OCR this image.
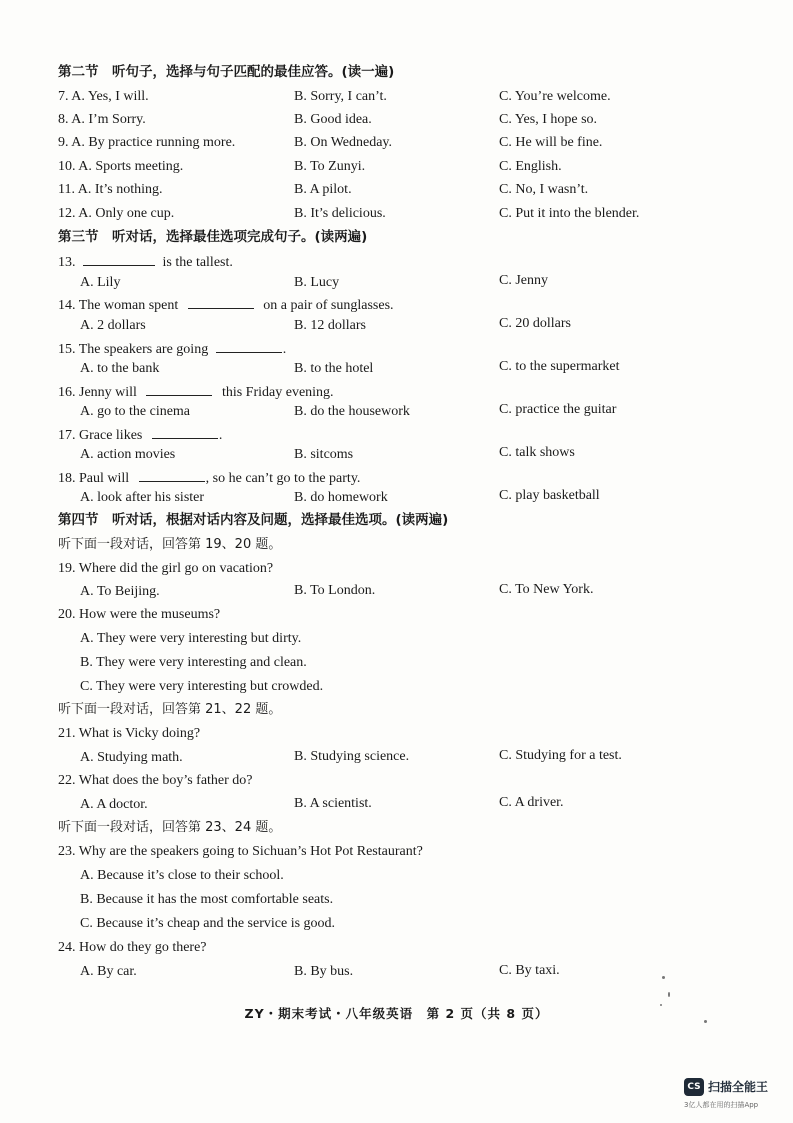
第二节　听句子，选择与句子匹配的最佳应答。(读一遍)
7. A. Yes, I will.	B. Sorry, I can’t.	C. You’re welcome.
8. A. I’m Sorry.	B. Good idea.	C. Yes, I hope so.
9. A. By practice running more.	B. On Wedneday.	C. He will be fine.
10. A. Sports meeting.	B. To Zunyi.	C. English.
11. A. It’s nothing.	B. A pilot.	C. No, I wasn’t.
12. A. Only one cup.	B. It’s delicious.	C. Put it into the blender.
第三节　听对话，选择最佳选项完成句子。(读两遍)
13.	is the tallest.
A. Lily	B. Lucy	C. Jenny
14. The woman spent	on a pair of sunglasses.
A. 2 dollars	B. 12 dollars	C. 20 dollars
15. The speakers are going	.
A. to the bank	B. to the hotel	C. to the supermarket
16. Jenny will	this Friday evening.
A. go to the cinema	B. do the housework	C. practice the guitar
17. Grace likes	.
A. action movies	B. sitcoms	C. talk shows
18. Paul will	, so he can’t go to the party.
A. look after his sister	B. do homework	C. play basketball
第四节　听对话，根据对话内容及问题，选择最佳选项。(读两遍)
听下面一段对话，回答第 19、20 题。
19. Where did the girl go on vacation?
A. To Beijing.	B. To London.	C. To New York.
20. How were the museums?
A. They were very interesting but dirty.
B. They were very interesting and clean.
C. They were very interesting but crowded.
听下面一段对话，回答第 21、22 题。
21. What is Vicky doing?
A. Studying math.	B. Studying science.	C. Studying for a test.
22. What does the boy’s father do?
A. A doctor.	B. A scientist.	C. A driver.
听下面一段对话，回答第 23、24 题。
23. Why are the speakers going to Sichuan’s Hot Pot Restaurant?
A. Because it’s close to their school.
B. Because it has the most comfortable seats.
C. Because it’s cheap and the service is good.
24. How do they go there?
A. By car.	B. By bus.	C. By taxi.
ZY・期末考试・八年级英语　第 2 页（共 8 页）
CS 扫描全能王
3亿人都在用的扫描App
